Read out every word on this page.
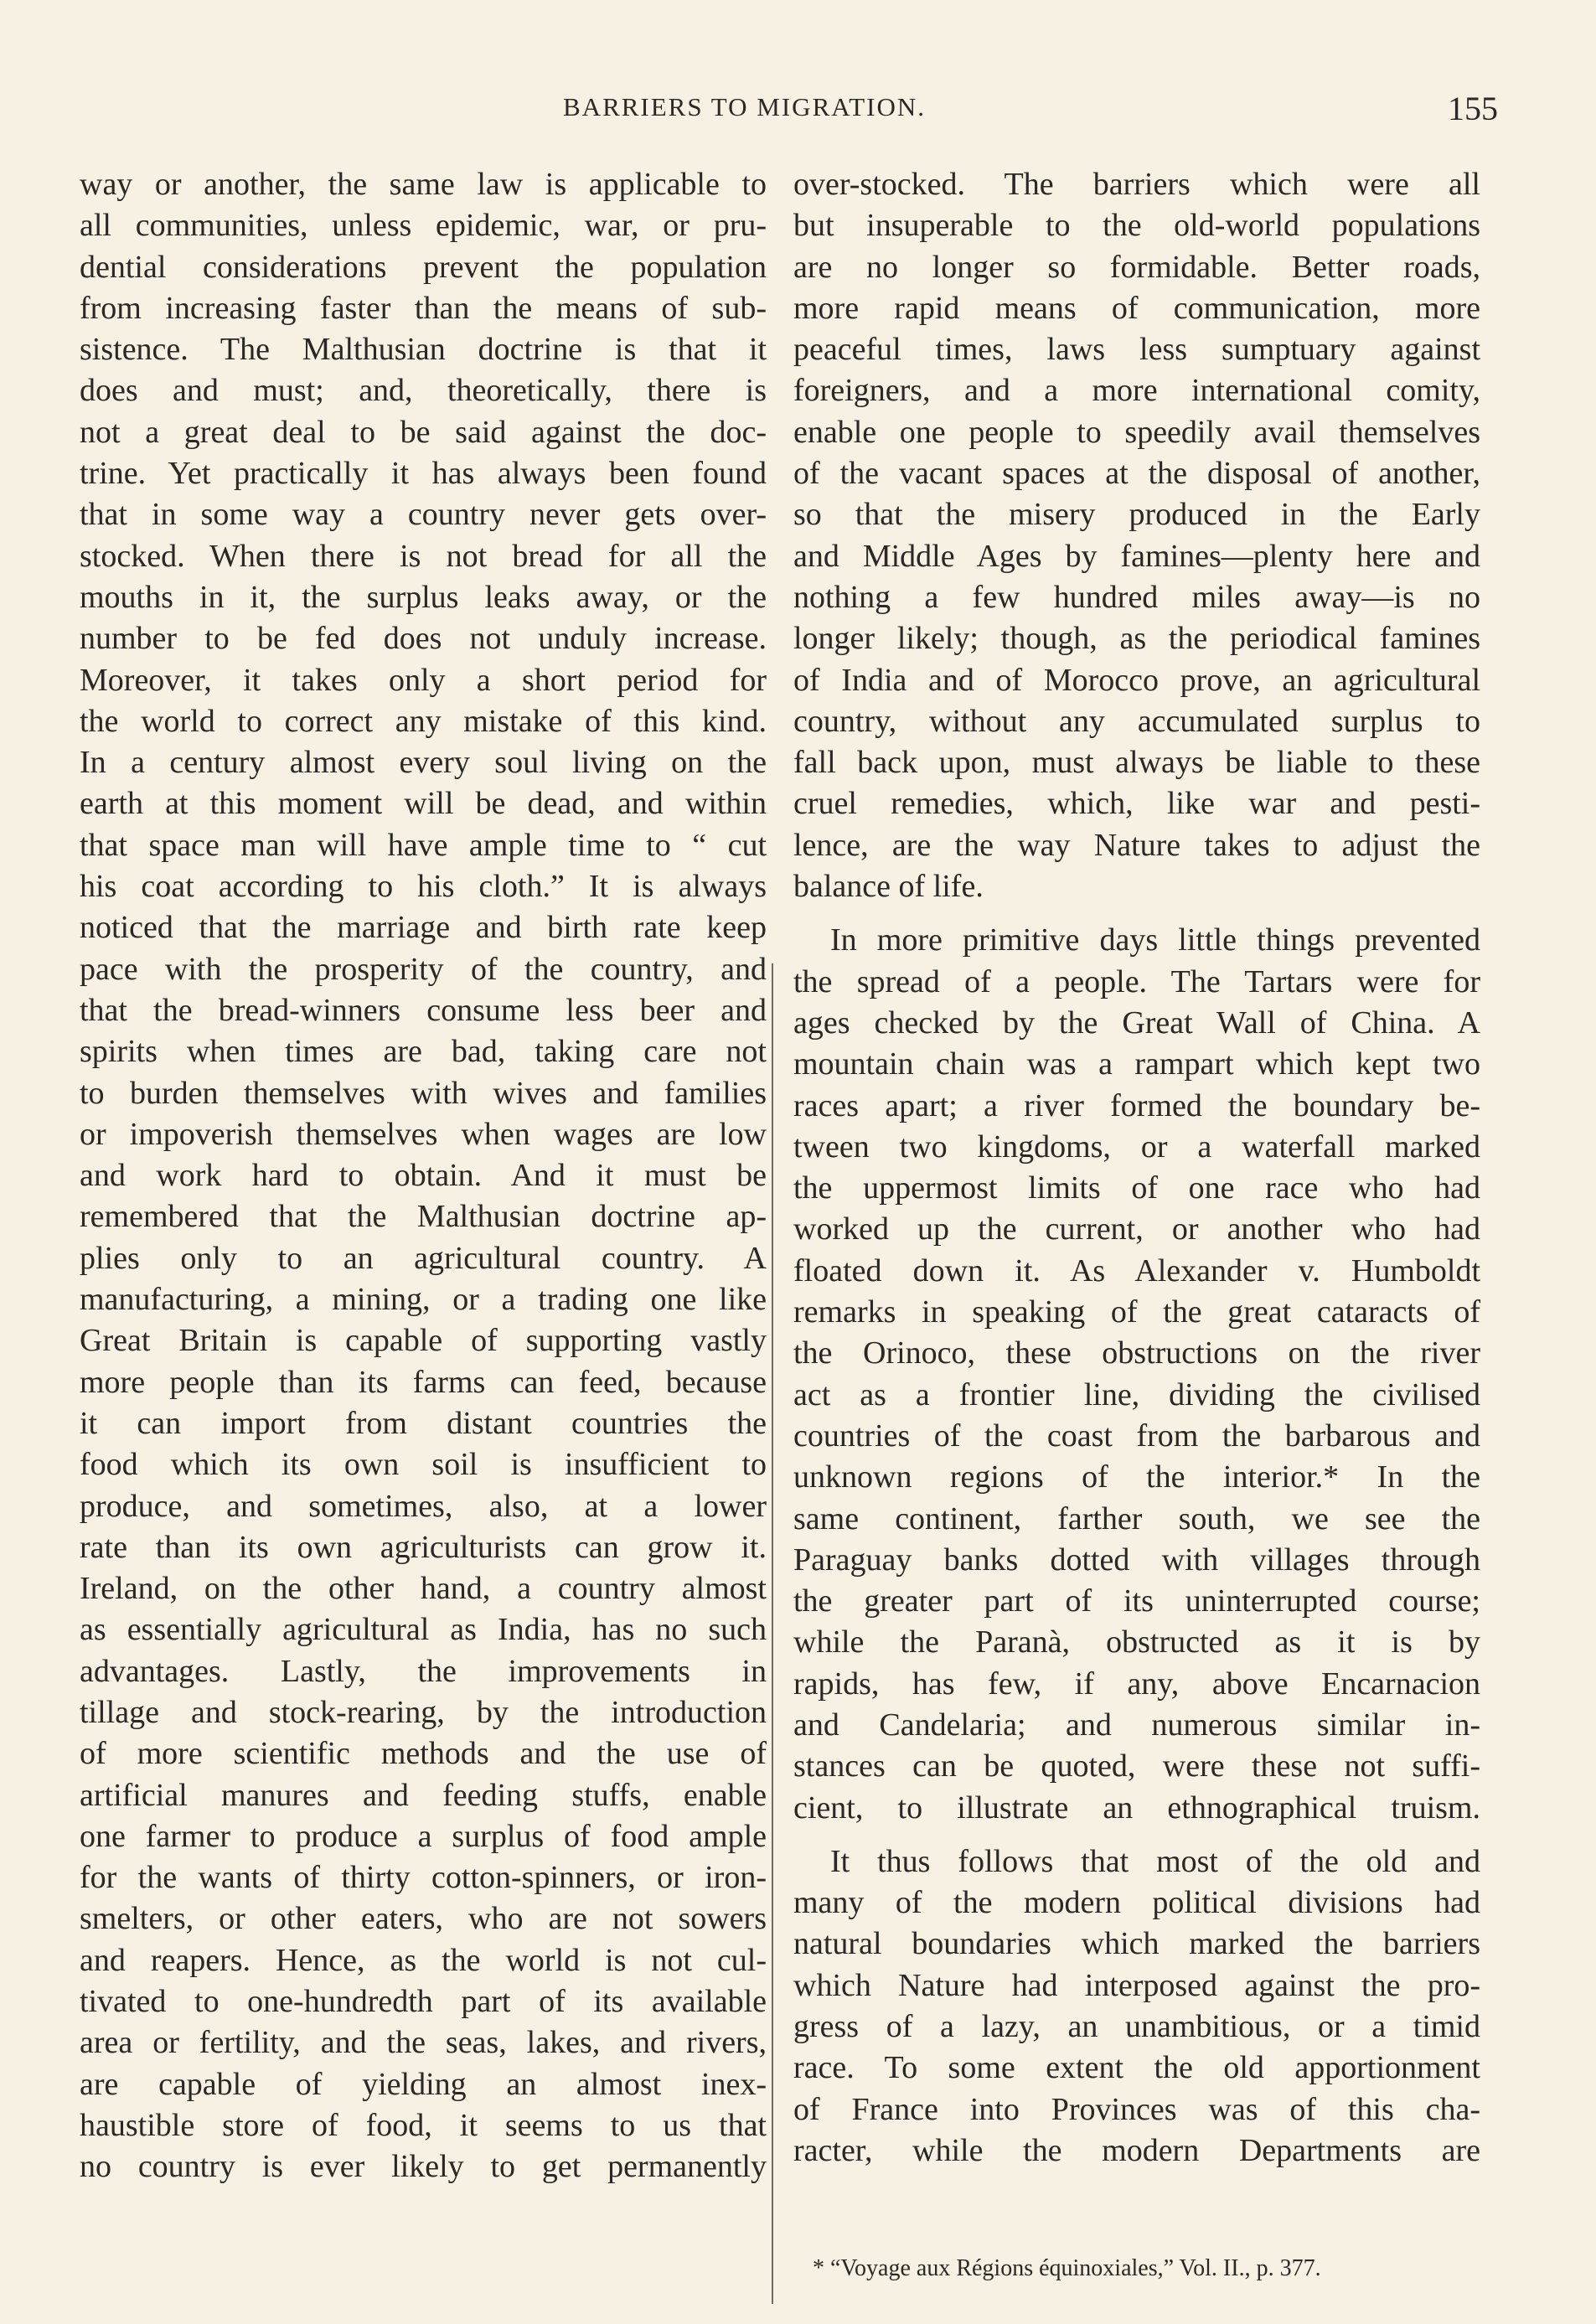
BARRIERS TO MIGRATION.	155
way or another, the same law is applicable to
all communities, unless epidemic, war, or pru-
dential considerations prevent the population
from increasing faster than the means of sub-
sistence. The Malthusian doctrine is that it
does and must; and, theoretically, there is
not a great deal to be said against the doc-
trine. Yet practically it has always been found
that in some way a country never gets over-
stocked. When there is not bread for all the
mouths in it, the surplus leaks away, or the
number to be fed does not unduly increase.
Moreover, it takes only a short period for
the world to correct any mistake of this kind.
In a century almost every soul living on the
earth at this moment will be dead, and within
that space man will have ample time to “ cut
his coat according to his cloth.” It is always
noticed that the marriage and birth rate keep
pace with the prosperity of the country, and
that the bread-winners consume less beer and
spirits when times are bad, taking care not
to burden themselves with wives and families
or impoverish themselves when wages are low
and work hard to obtain. And it must be
remembered that the Malthusian doctrine ap-
plies only to an agricultural country. A
manufacturing, a mining, or a trading one like
Great Britain is capable of supporting vastly
more people than its farms can feed, because
it can import from distant countries the
food which its own soil is insufficient to
produce, and sometimes, also, at a lower
rate than its own agriculturists can grow it.
Ireland, on the other hand, a country almost
as essentially agricultural as India, has no such
advantages. Lastly, the improvements in
tillage and stock-rearing, by the introduction
of more scientific methods and the use of
artificial manures and feeding stuffs, enable
one farmer to produce a surplus of food ample
for the wants of thirty cotton-spinners, or iron-
smelters, or other eaters, who are not sowers
and reapers. Hence, as the world is not cul-
tivated to one-hundredth part of its available
area or fertility, and the seas, lakes, and rivers,
are capable of yielding an almost inex-
haustible store of food, it seems to us that
no country is ever likely to get permanently
over-stocked. The barriers which were all
but insuperable to the old-world populations
are no longer so formidable. Better roads,
more rapid means of communication, more
peaceful times, laws less sumptuary against
foreigners, and a more international comity,
enable one people to speedily avail themselves
of the vacant spaces at the disposal of another,
so that the misery produced in the Early
and Middle Ages by famines—plenty here and
nothing a few hundred miles away—is no
longer likely; though, as the periodical famines
of India and of Morocco prove, an agricultural
country, without any accumulated surplus to
fall back upon, must always be liable to these
cruel remedies, which, like war and pesti-
lence, are the way Nature takes to adjust the
balance of life.
In more primitive days little things prevented
the spread of a people. The Tartars were for
ages checked by the Great Wall of China. A
mountain chain was a rampart which kept two
races apart; a river formed the boundary be-
tween two kingdoms, or a waterfall marked
the uppermost limits of one race who had
worked up the current, or another who had
floated down it. As Alexander v. Humboldt
remarks in speaking of the great cataracts of
the Orinoco, these obstructions on the river
act as a frontier line, dividing the civilised
countries of the coast from the barbarous and
unknown regions of the interior.* In the
same continent, farther south, we see the
Paraguay banks dotted with villages through
the greater part of its uninterrupted course;
while the Paranà, obstructed as it is by
rapids, has few, if any, above Encarnacion
and Candelaria; and numerous similar in-
stances can be quoted, were these not suffi-
cient, to illustrate an ethnographical truism.
It thus follows that most of the old and
many of the modern political divisions had
natural boundaries which marked the barriers
which Nature had interposed against the pro-
gress of a lazy, an unambitious, or a timid
race. To some extent the old apportionment
of France into Provinces was of this cha-
racter, while the modern Departments are
* “Voyage aux Régions équinoxiales,” Vol. II., p. 377.
